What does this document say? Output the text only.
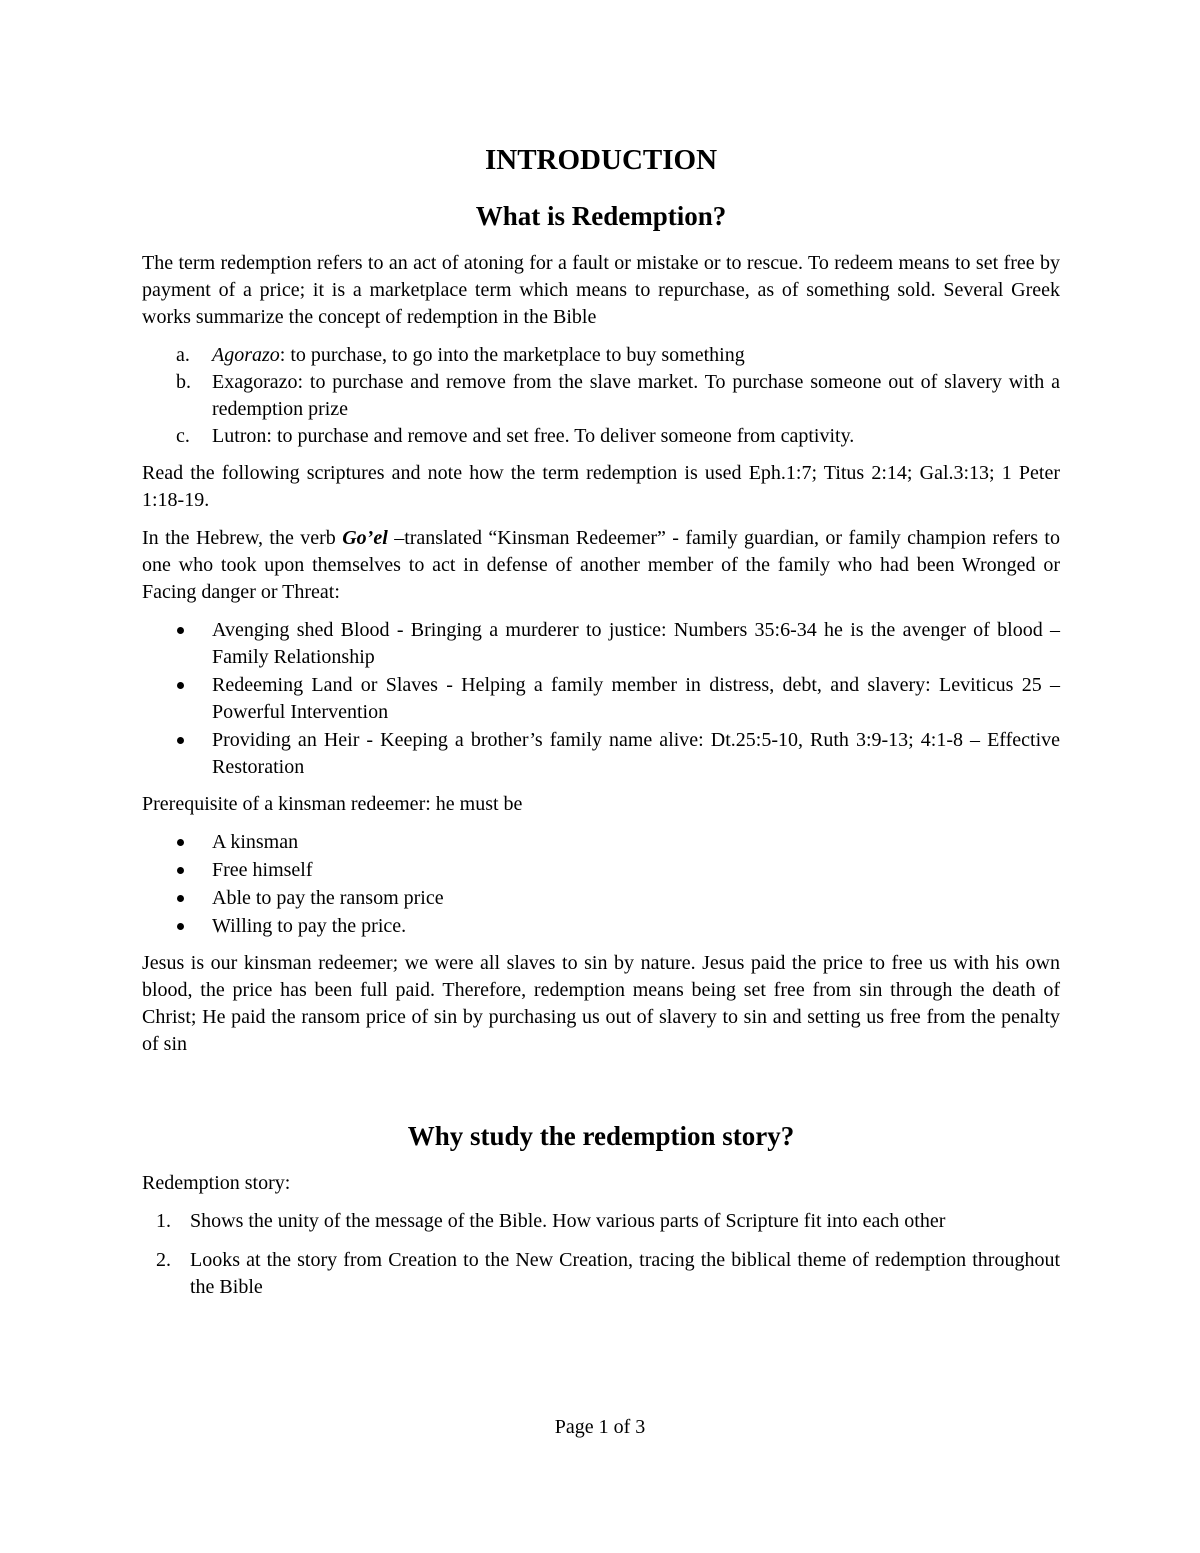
INTRODUCTION
What is Redemption?

The term redemption refers to an act of atoning for a fault or mistake or to rescue. To redeem means to set free by payment of a price; it is a marketplace term which means to repurchase, as of something sold. Several Greek works summarize the concept of redemption in the Bible

a. Agorazo: to purchase, to go into the marketplace to buy something
b. Exagorazo: to purchase and remove from the slave market. To purchase someone out of slavery with a redemption prize
c. Lutron: to purchase and remove and set free. To deliver someone from captivity.

Read the following scriptures and note how the term redemption is used Eph.1:7; Titus 2:14; Gal.3:13; 1 Peter 1:18-19.

In the Hebrew, the verb Go’el –translated “Kinsman Redeemer” - family guardian, or family champion refers to one who took upon themselves to act in defense of another member of the family who had been Wronged or Facing danger or Threat:

Avenging shed Blood - Bringing a murderer to justice: Numbers 35:6-34 he is the avenger of blood – Family Relationship
Redeeming Land or Slaves - Helping a family member in distress, debt, and slavery: Leviticus 25 – Powerful Intervention
Providing an Heir - Keeping a brother’s family name alive: Dt.25:5-10, Ruth 3:9-13; 4:1-8 – Effective Restoration

Prerequisite of a kinsman redeemer: he must be

A kinsman
Free himself
Able to pay the ransom price
Willing to pay the price.

Jesus is our kinsman redeemer; we were all slaves to sin by nature. Jesus paid the price to free us with his own blood, the price has been full paid. Therefore, redemption means being set free from sin through the death of Christ; He paid the ransom price of sin by purchasing us out of slavery to sin and setting us free from the penalty of sin

Why study the redemption story?

Redemption story:

1. Shows the unity of the message of the Bible. How various parts of Scripture fit into each other
2. Looks at the story from Creation to the New Creation, tracing the biblical theme of redemption throughout the Bible
Page 1 of 3
